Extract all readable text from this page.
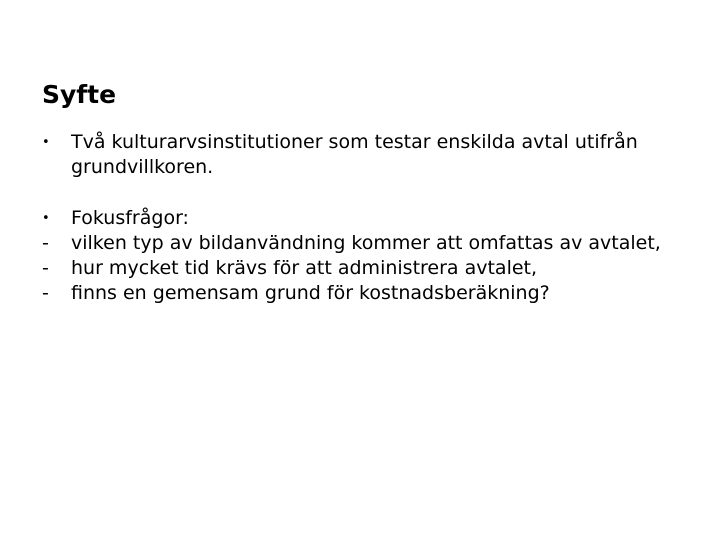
Syfte
•	Två kulturarvsinstitutioner som testar enskilda avtal utifrån grundvillkoren.
•	Fokusfrågor:
-	vilken typ av bildanvändning kommer att omfattas av avtalet,
-	hur mycket tid krävs för att administrera avtalet,
-	finns en gemensam grund för kostnadsberäkning?
